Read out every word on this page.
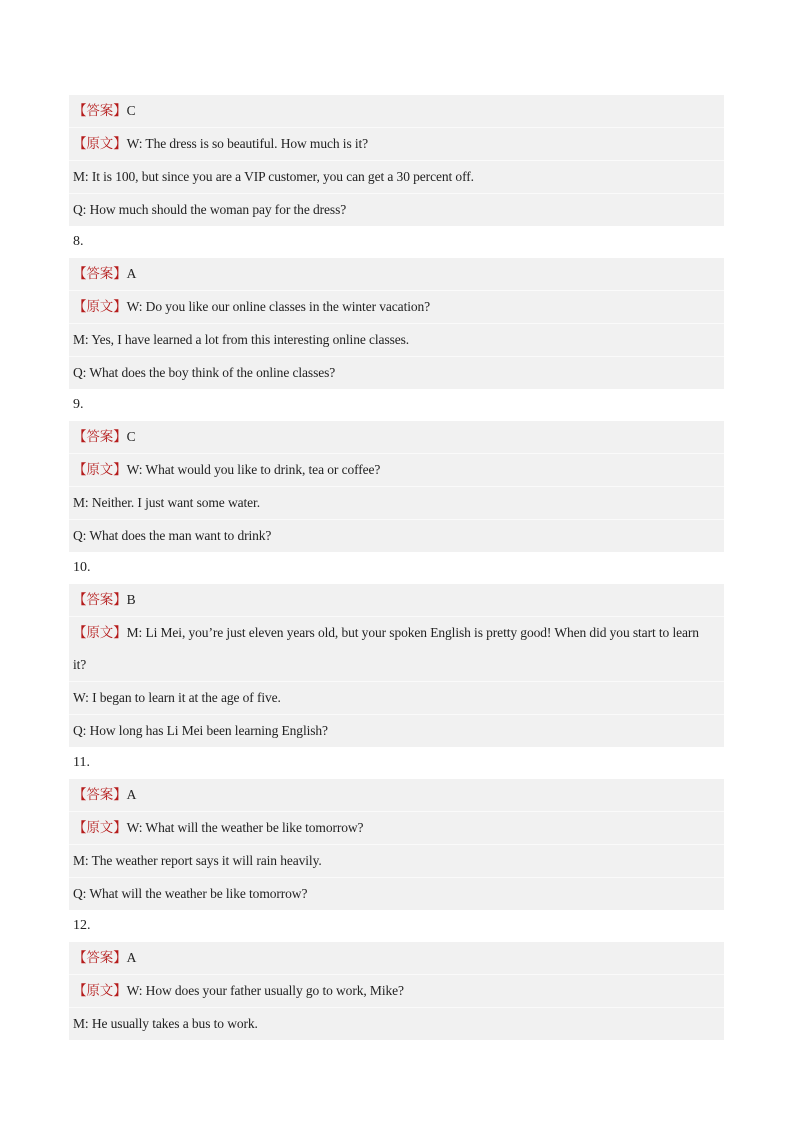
【答案】C
【原文】W: The dress is so beautiful. How much is it?
M: It is 100, but since you are a VIP customer, you can get a 30 percent off.
Q: How much should the woman pay for the dress?
8.
【答案】A
【原文】W: Do you like our online classes in the winter vacation?
M: Yes, I have learned a lot from this interesting online classes.
Q: What does the boy think of the online classes?
9.
【答案】C
【原文】W: What would you like to drink, tea or coffee?
M: Neither. I just want some water.
Q: What does the man want to drink?
10.
【答案】B
【原文】M: Li Mei, you’re just eleven years old, but your spoken English is pretty good! When did you start to learn it?
W: I began to learn it at the age of five.
Q: How long has Li Mei been learning English?
11.
【答案】A
【原文】W: What will the weather be like tomorrow?
M: The weather report says it will rain heavily.
Q: What will the weather be like tomorrow?
12.
【答案】A
【原文】W: How does your father usually go to work, Mike?
M: He usually takes a bus to work.
